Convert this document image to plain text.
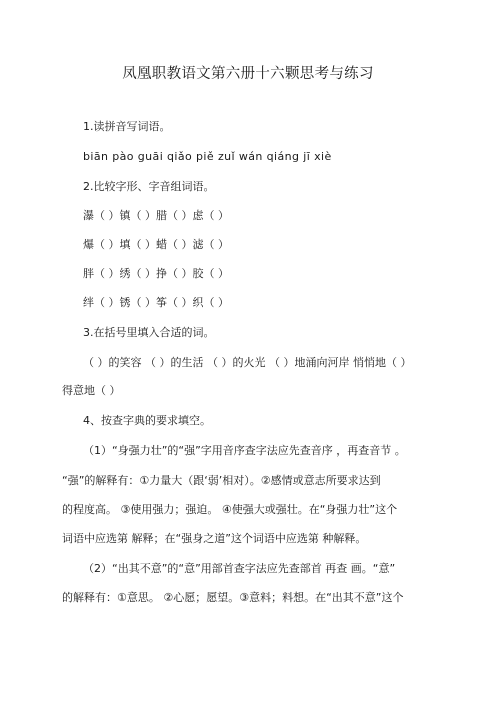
凤凰职教语文第六册十六颗思考与练习
1.读拼音写词语。
biān pào guāi qiǎo piě zuǐ wán qiáng jī xiè
2.比较字形、字音组词语。
瀑（ ）镇（ ）腊（ ）虑（ ）
爆（ ）填（ ）蜡（ ）滤（ ）
胖（ ）绣（ ）挣（ ）胶（ ）
绊（ ）锈（ ）筝（ ）织（ ）
3.在括号里填入合适的词。
（ ）的笑容 （ ）的生活 （ ）的火光 （ ）地涌向河岸 悄悄地（ ）
得意地（ ）
4、按查字典的要求填空。
（1）“身强力壮”的“强”字用音序查字法应先查音序 ，再查音节 。
“强”的解释有：①力量大（跟‘弱’相对）。②感情或意志所要求达到
的程度高。 ③使用强力；强迫。 ④使强大或强壮。在“身强力壮”这个
词语中应选第 解释；在“强身之道”这个词语中应选第 种解释。
（2）“出其不意”的“意”用部首查字法应先查部首 再查 画。“意”
的解释有：①意思。 ②心愿；愿望。③意料；料想。在“出其不意”这个
